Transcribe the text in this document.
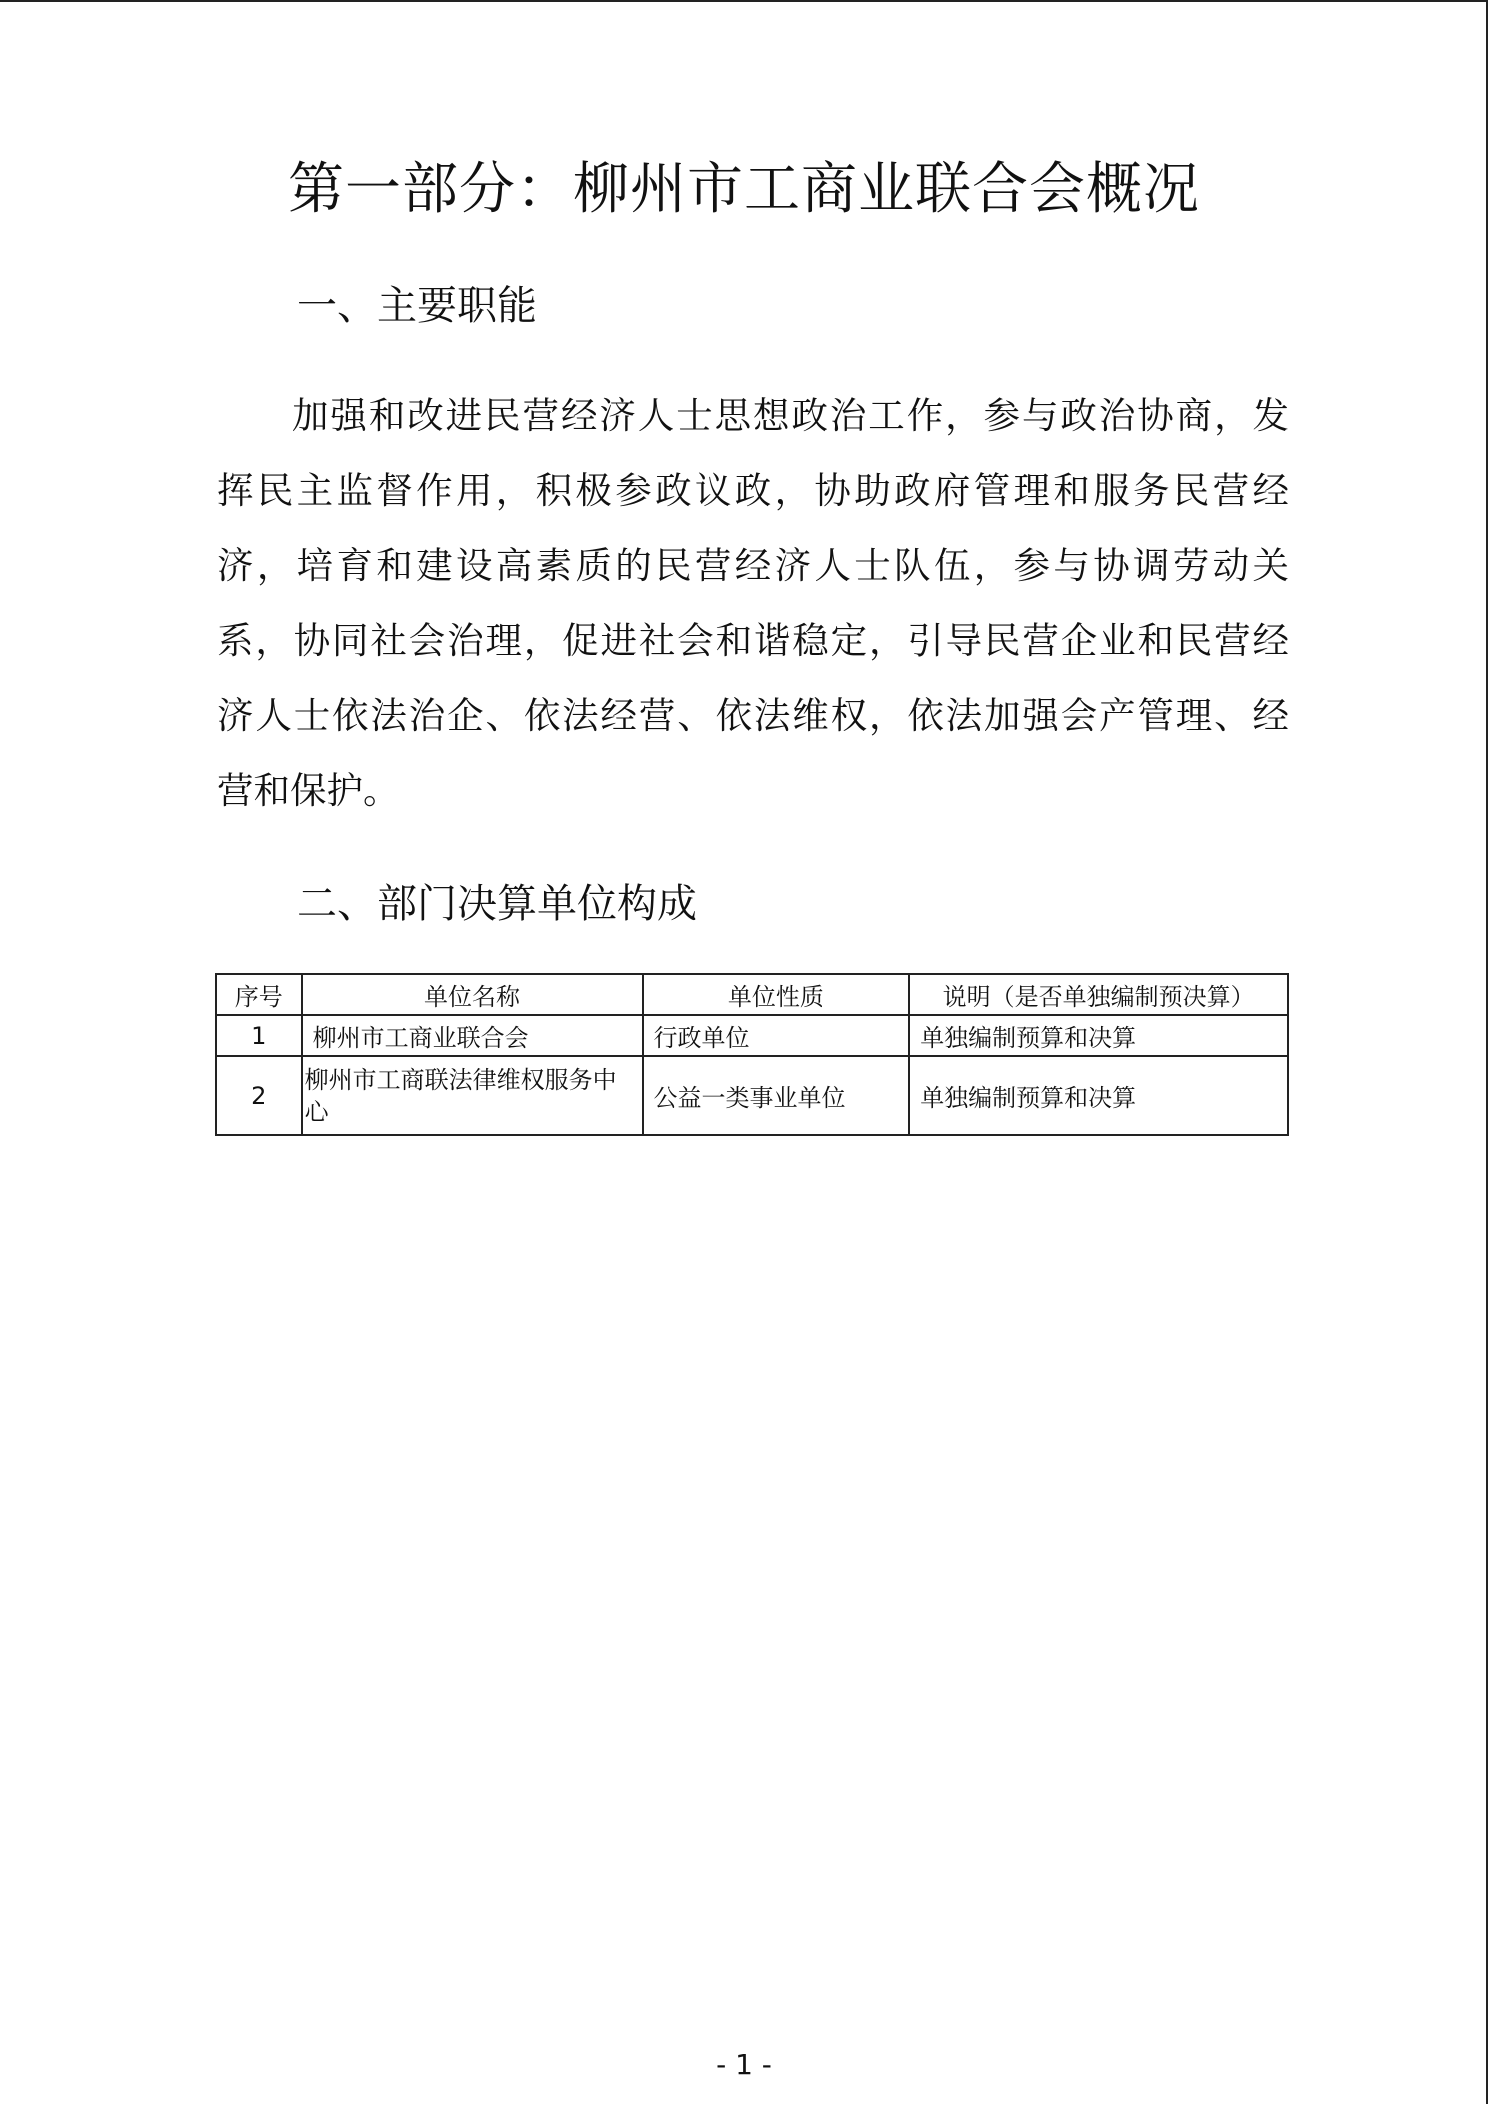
第一部分：柳州市工商业联合会概况
一、主要职能
加强和改进民营经济人士思想政治工作，参与政治协商，发
挥民主监督作用，积极参政议政，协助政府管理和服务民营经
济，培育和建设高素质的民营经济人士队伍，参与协调劳动关
系，协同社会治理，促进社会和谐稳定，引导民营企业和民营经
济人士依法治企、依法经营、依法维权，依法加强会产管理、经
营和保护。
二、部门决算单位构成
序号	单位名称	单位性质	说明（是否单独编制预决算）
1	柳州市工商业联合会	行政单位	单独编制预算和决算
2	柳州市工商联法律维权服务中心	公益一类事业单位	单独编制预算和决算
- 1 -
